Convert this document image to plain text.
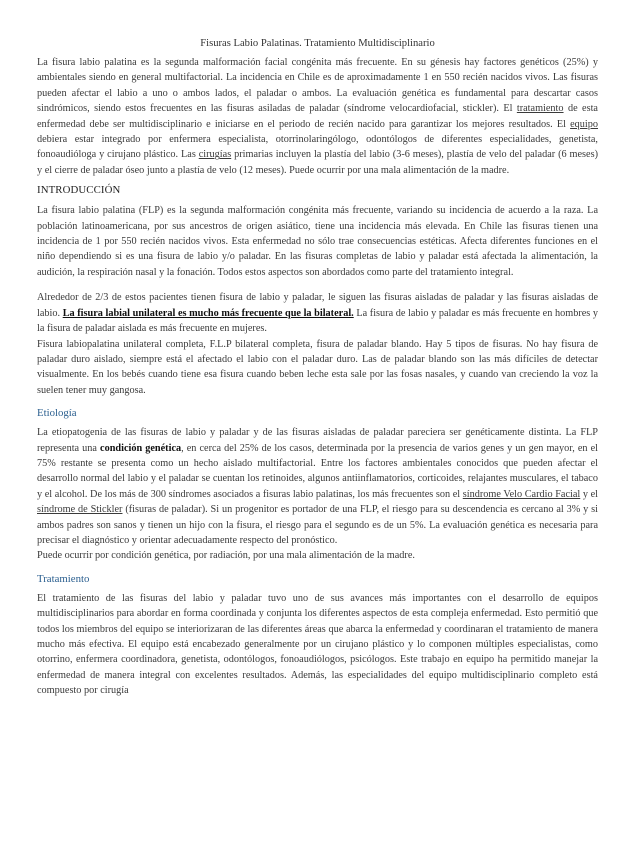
Fisuras Labio Palatinas. Tratamiento Multidisciplinario

La fisura labio palatina es la segunda malformación facial congénita más frecuente. En su génesis hay factores genéticos (25%) y ambientales siendo en general multifactorial. La incidencia en Chile es de aproximadamente 1 en 550 recién nacidos vivos. Las fisuras pueden afectar el labio a uno o ambos lados, el paladar o ambos. La evaluación genética es fundamental para descartar casos sindrómicos, siendo estos frecuentes en las fisuras asiladas de paladar (síndrome velocardiofacial, stickler). El tratamiento de esta enfermedad debe ser multidisciplinario e iniciarse en el periodo de recién nacido para garantizar los mejores resultados. El equipo debiera estar integrado por enfermera especialista, otorrinolaringólogo, odontólogos de diferentes especialidades, genetista, fonoaudióloga y cirujano plástico. Las cirugías primarias incluyen la plastía del labio (3-6 meses), plastía de velo del paladar (6 meses) y el cierre de paladar óseo junto a plastía de velo (12 meses). Puede ocurrir por una mala alimentación de la madre.

INTRODUCCIÓN

La fisura labio palatina (FLP) es la segunda malformación congénita más frecuente, variando su incidencia de acuerdo a la raza. La población latinoamericana, por sus ancestros de origen asiático, tiene una incidencia más elevada. En Chile las fisuras tienen una incidencia de 1 por 550 recién nacidos vivos. Esta enfermedad no sólo trae consecuencias estéticas. Afecta diferentes funciones en el niño dependiendo si es una fisura de labio y/o paladar. En las fisuras completas de labio y paladar está afectada la alimentación, la audición, la respiración nasal y la fonación. Todos estos aspectos son abordados como parte del tratamiento integral.

Alrededor de 2/3 de estos pacientes tienen fisura de labio y paladar, le siguen las fisuras aisladas de paladar y las fisuras aisladas de labio. La fisura labial unilateral es mucho más frecuente que la bilateral. La fisura de labio y paladar es más frecuente en hombres y la fisura de paladar aislada es más frecuente en mujeres.

Fisura labiopalatina unilateral completa, F.L.P bilateral completa, fisura de paladar blando. Hay 5 tipos de fisuras. No hay fisura de paladar duro aislado, siempre está el afectado el labio con el paladar duro. Las de paladar blando son las más difíciles de detectar visualmente. En los bebés cuando tiene esa fisura cuando beben leche esta sale por las fosas nasales, y cuando van creciendo la voz la suelen tener muy gangosa.

Etiología

La etiopatogenia de las fisuras de labio y paladar y de las fisuras aisladas de paladar pareciera ser genéticamente distinta. La FLP representa una condición genética, en cerca del 25% de los casos, determinada por la presencia de varios genes y un gen mayor, en el 75% restante se presenta como un hecho aislado multifactorial. Entre los factores ambientales conocidos que pueden afectar el desarrollo normal del labio y el paladar se cuentan los retinoides, algunos antiinflamatorios, corticoides, relajantes musculares, el tabaco y el alcohol. De los más de 300 síndromes asociados a fisuras labio palatinas, los más frecuentes son el síndrome Velo Cardio Facial y el síndrome de Stickler (fisuras de paladar). Si un progenitor es portador de una FLP, el riesgo para su descendencia es cercano al 3% y si ambos padres son sanos y tienen un hijo con la fisura, el riesgo para el segundo es de un 5%. La evaluación genética es necesaria para precisar el diagnóstico y orientar adecuadamente respecto del pronóstico.

Puede ocurrir por condición genética, por radiación, por una mala alimentación de la madre.

Tratamiento

El tratamiento de las fisuras del labio y paladar tuvo uno de sus avances más importantes con el desarrollo de equipos multidisciplinarios para abordar en forma coordinada y conjunta los diferentes aspectos de esta compleja enfermedad. Esto permitió que todos los miembros del equipo se interiorizaran de las diferentes áreas que abarca la enfermedad y coordinaran el tratamiento de manera mucho más efectiva. El equipo está encabezado generalmente por un cirujano plástico y lo componen múltiples especialistas, como otorrino, enfermera coordinadora, genetista, odontólogos, fonoaudiólogos, psicólogos. Este trabajo en equipo ha permitido manejar la enfermedad de manera integral con excelentes resultados. Además, las especialidades del equipo multidisciplinario completo está compuesto por cirugía
